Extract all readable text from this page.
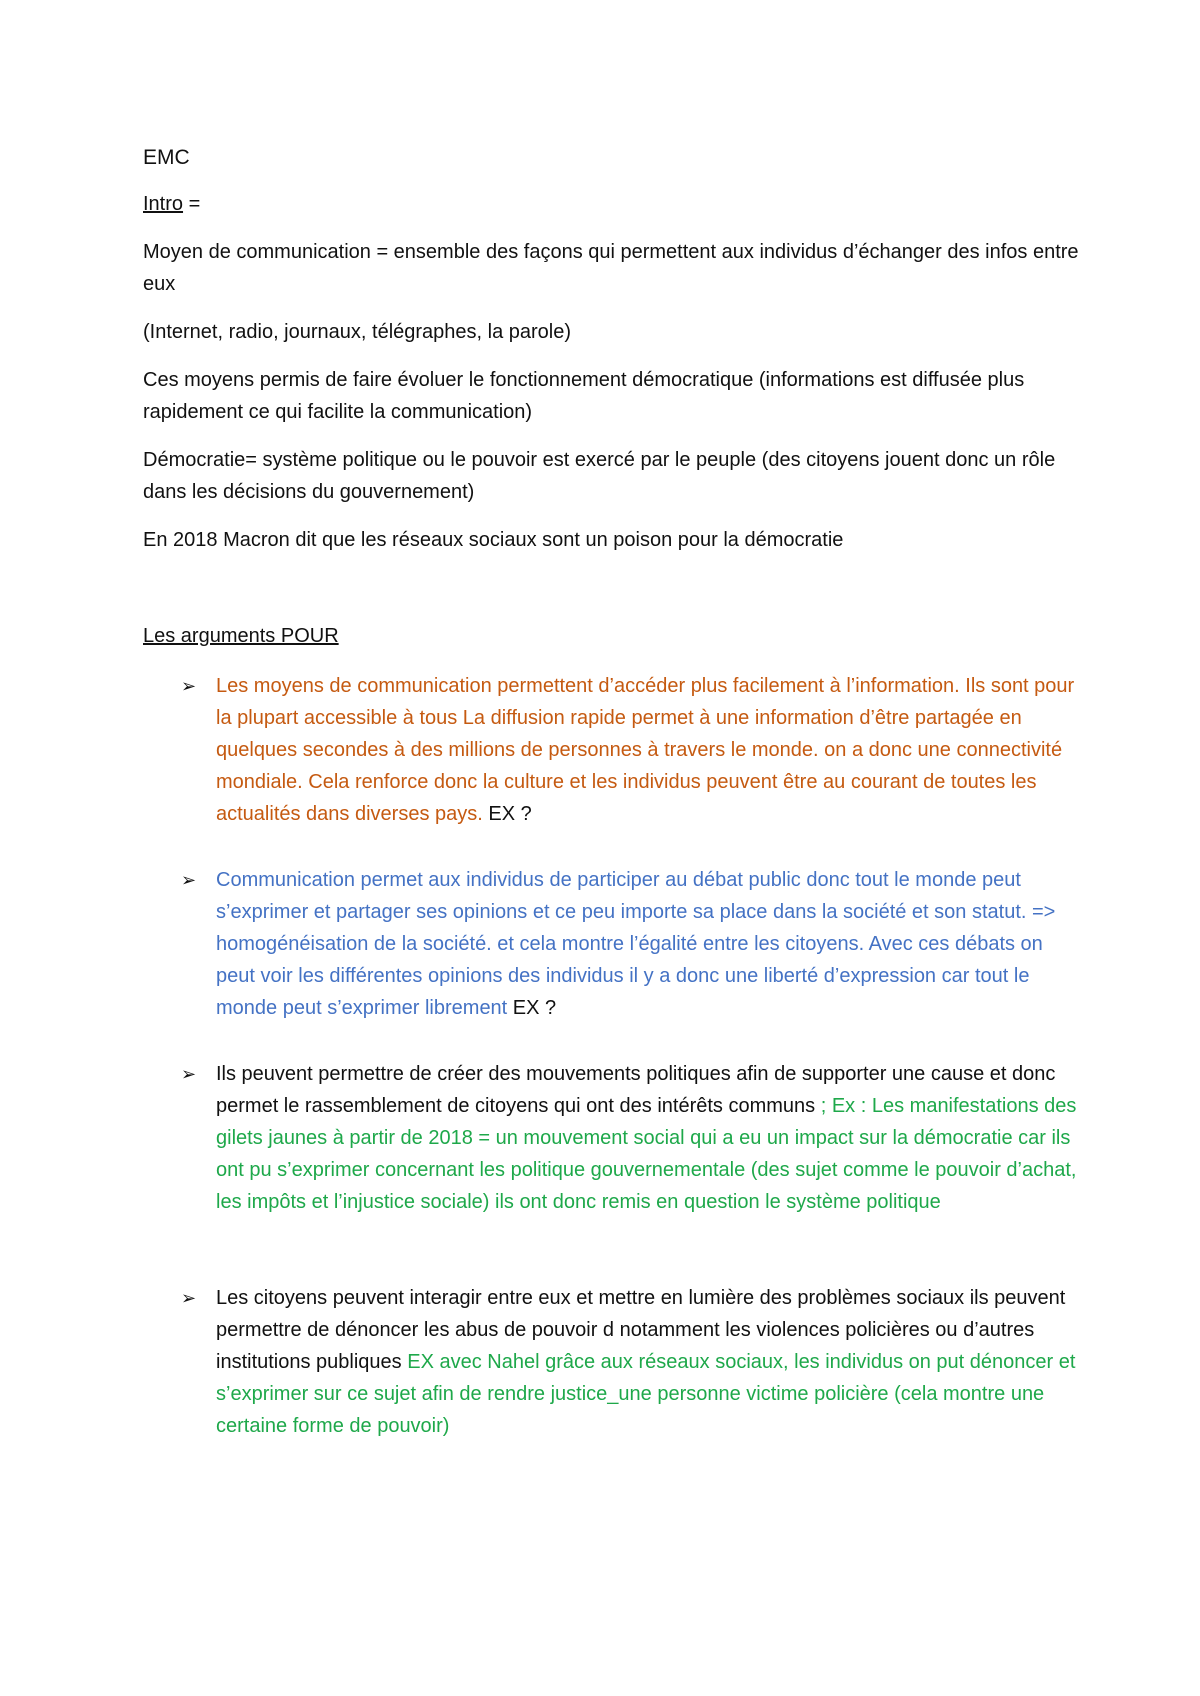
EMC

Intro =

Moyen de communication = ensemble des façons qui permettent aux individus d’échanger des infos entre eux

(Internet, radio, journaux, télégraphes, la parole)

Ces moyens permis de faire évoluer le fonctionnement démocratique (informations est diffusée plus rapidement ce qui facilite la communication)

Démocratie= système politique ou le pouvoir est exercé par le peuple (des citoyens jouent donc un rôle dans les décisions du gouvernement)

En 2018 Macron dit que les réseaux sociaux sont un poison pour la démocratie

Les arguments POUR

➢ Les moyens de communication permettent d’accéder plus facilement à l’information. Ils sont pour la plupart accessible à tous La diffusion rapide permet à une information d’être partagée en quelques secondes à des millions de personnes à travers le monde. on a donc une connectivité mondiale. Cela renforce donc la culture et les individus peuvent être au courant de toutes les actualités dans diverses pays. EX ?
➢ Communication permet aux individus de participer au débat public donc tout le monde peut s’exprimer et partager ses opinions et ce peu importe sa place dans la société et son statut. => homogénéisation de la société. et cela montre l’égalité entre les citoyens. Avec ces débats on peut voir les différentes opinions des individus il y a donc une liberté d’expression car tout le monde peut s’exprimer librement EX ?
➢ Ils peuvent permettre de créer des mouvements politiques afin de supporter une cause et donc permet le rassemblement de citoyens qui ont des intérêts communs ; Ex : Les manifestations des gilets jaunes à partir de 2018 = un mouvement social qui a eu un impact sur la démocratie car ils ont pu s’exprimer concernant les politique gouvernementale (des sujet comme le pouvoir d’achat, les impôts et l’injustice sociale) ils ont donc remis en question le système politique
➢ Les citoyens peuvent interagir entre eux et mettre en lumière des problèmes sociaux ils peuvent permettre de dénoncer les abus de pouvoir d notamment les violences policières ou d’autres institutions publiques EX avec Nahel grâce aux réseaux sociaux, les individus on put dénoncer et s’exprimer sur ce sujet afin de rendre justice_une personne victime policière (cela montre une certaine forme de pouvoir)
